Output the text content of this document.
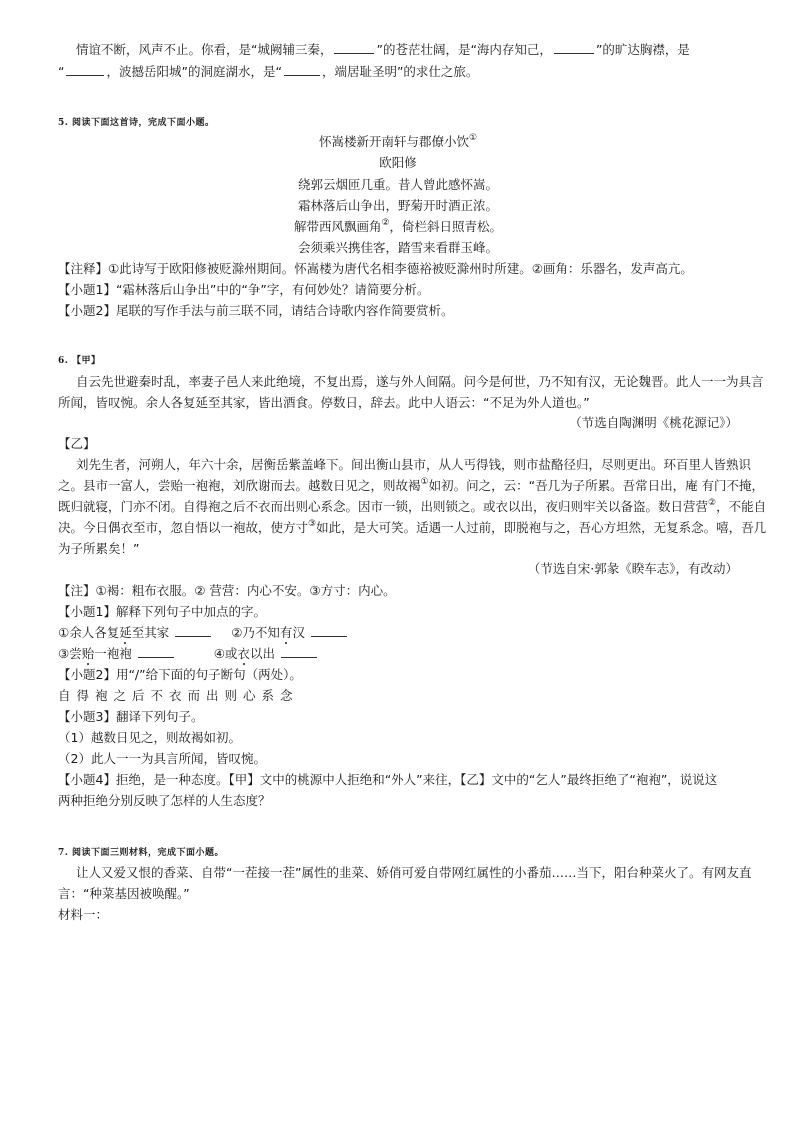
情谊不断，风声不止。你看，是“城阙辅三秦，	”的苍茫壮阔，是“海内存知己，	”的旷达胸襟，是
“	，波撼岳阳城”的洞庭湖水，是“	，端居耻圣明”的求仕之旅。
5. 阅读下面这首诗，完成下面小题。
怀嵩楼新开南轩与郡僚小饮①
欧阳修
绕郭云烟匝几重。昔人曾此感怀嵩。
霜林落后山争出，野菊开时酒正浓。
解带西风飘画角②，倚栏斜日照青松。
会须乘兴携佳客，踏雪来看群玉峰。
【注释】①此诗写于欧阳修被贬滁州期间。怀嵩楼为唐代名相李德裕被贬滁州时所建。②画角：乐器名，发声高亢。
【小题1】“霜林落后山争出”中的“争”字，有何妙处？请简要分析。
【小题2】尾联的写作手法与前三联不同，请结合诗歌内容作简要赏析。
6. 【甲】
自云先世避秦时乱，率妻子邑人来此绝境，不复出焉，遂与外人间隔。问今是何世，乃不知有汉，无论魏晋。此人一一为具言
所闻，皆叹惋。余人各复延至其家，皆出酒食。停数日，辞去。此中人语云：“不足为外人道也。”
（节选自陶渊明《桃花源记》）
【乙】
刘先生者，河朔人，年六十余，居衡岳紫盖峰下。间出衡山县市，从人丐得钱，则市盐酪径归，尽则更出。环百里人皆熟识
之。县市一富人，尝贻一袍袍，刘欣谢而去。越数日见之，则故褐①如初。问之，云：“吾几为子所累。吾常日出，庵 有门不掩，
既归就寝，门亦不闭。自得袍之后不衣而出则心系念。因市一锁，出则锁之。或衣以出，夜归则牢关以备盗。数日营营②，不能自
决。今日偶衣至市，忽自悟以一袍故，使方寸③如此，是大可笑。适遇一人过前，即脱袍与之，吾心方坦然，无复系念。嘻，吾几
为子所累矣！”
（节选自宋·郭彖《睽车志》，有改动）
【注】①褐：粗布衣服。② 营营：内心不安。③方寸：内心。
【小题1】解释下列句子中加点的字。
①余人各复延至其家	②乃不知有汉
③尝贻一袍袍	④或衣以出
【小题2】用“/”给下面的句子断句（两处）。
自得袍之后不衣而出则心系念
【小题3】翻译下列句子。
（1）越数日见之，则故褐如初。
（2）此人一一为具言所闻，皆叹惋。
【小题4】拒绝，是一种态度。【甲】文中的桃源中人拒绝和“外人”来往，【乙】文中的“乞人”最终拒绝了“袍袍”，说说这
两种拒绝分别反映了怎样的人生态度？
7. 阅读下面三则材料，完成下面小题。
让人又爱又恨的香菜、自带“一茬接一茬”属性的韭菜、娇俏可爱自带网红属性的小番茄……当下，阳台种菜火了。有网友直
言：“种菜基因被唤醒。”
材料一：
